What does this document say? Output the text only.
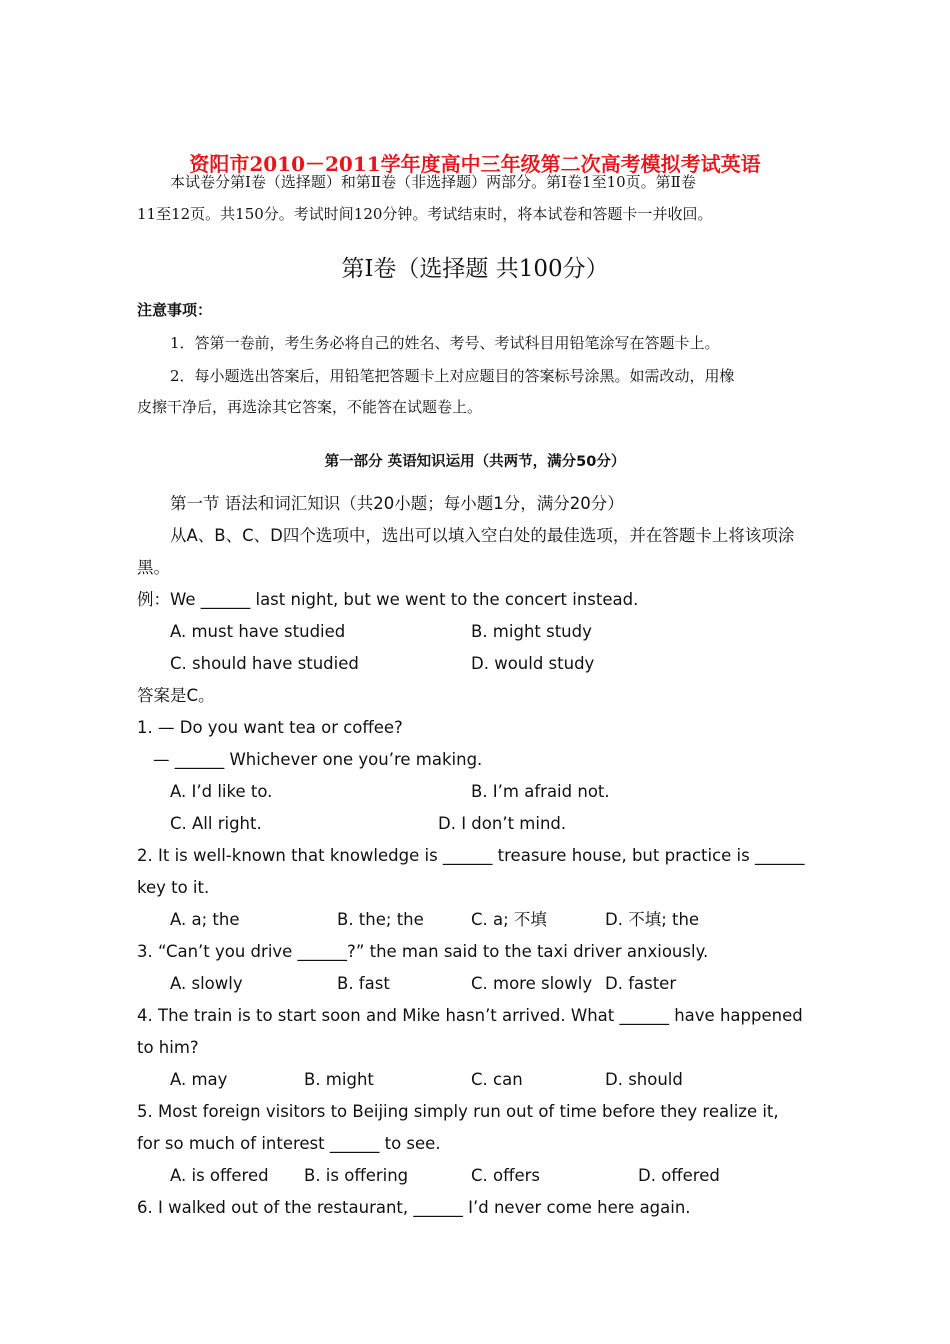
资阳市2010－2011学年度高中三年级第二次高考模拟考试英语
本试卷分第Ⅰ卷（选择题）和第Ⅱ卷（非选择题）两部分。第Ⅰ卷1至10页。第Ⅱ卷
11至12页。共150分。考试时间120分钟。考试结束时，将本试卷和答题卡一并收回。
第Ⅰ卷（选择题 共100分）
注意事项：
1．答第一卷前，考生务必将自己的姓名、考号、考试科目用铅笔涂写在答题卡上。
2．每小题选出答案后，用铅笔把答题卡上对应题目的答案标号涂黑。如需改动，用橡
皮擦干净后，再选涂其它答案，不能答在试题卷上。
第一部分 英语知识运用（共两节，满分50分）
第一节 语法和词汇知识（共20小题；每小题1分，满分20分）
从A、B、C、D四个选项中，选出可以填入空白处的最佳选项，并在答题卡上将该项涂
黑。
例：We ______ last night, but we went to the concert instead.
A. must have studied	B. might study
C. should have studied	D. would study
答案是C。
1. — Do you want tea or coffee?
— ______ Whichever one you’re making.
A. I’d like to.	B. I’m afraid not.
C. All right.	D. I don’t mind.
2. It is well-known that knowledge is ______ treasure house, but practice is ______
key to it.
A. a; the	B. the; the	C. a; 不填	D. 不填; the
3. “Can’t you drive ______?” the man said to the taxi driver anxiously.
A. slowly	B. fast	C. more slowly D. faster
4. The train is to start soon and Mike hasn’t arrived. What ______ have happened
to him?
A. may	B. might	C. can	D. should
5. Most foreign visitors to Beijing simply run out of time before they realize it,
for so much of interest ______ to see.
A. is offered B. is offering	C. offers	D. offered
6. I walked out of the restaurant, ______ I’d never come here again.
